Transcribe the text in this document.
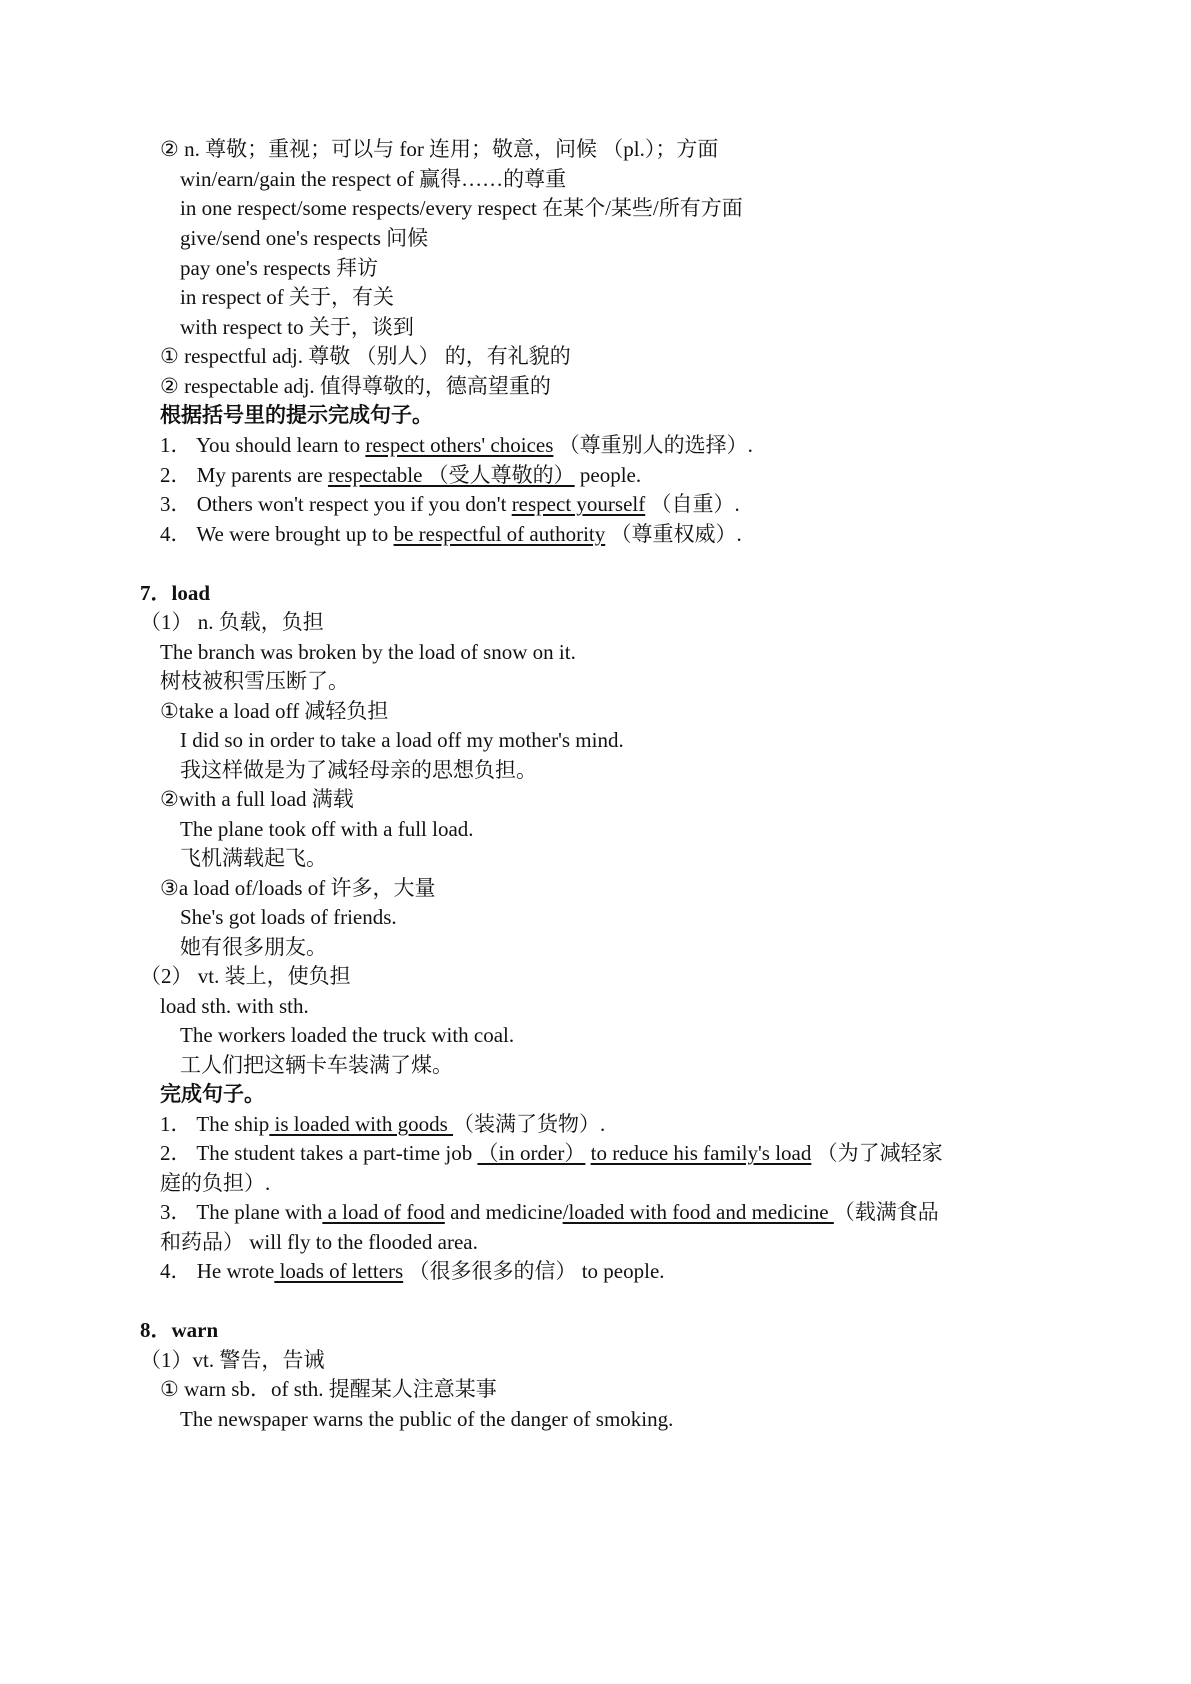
② n. 尊敬；重视；可以与 for 连用；敬意，问候 （pl.）；方面
win/earn/gain the respect of 赢得……的尊重
in one respect/some respects/every respect 在某个/某些/所有方面
give/send one's respects 问候
pay one's respects 拜访
in respect of 关于，有关
with respect to 关于，谈到
① respectful adj. 尊敬 （别人） 的，有礼貌的
② respectable adj. 值得尊敬的，德高望重的
根据括号里的提示完成句子。
1． You should learn to respect others' choices （尊重别人的选择）.
2． My parents are respectable （受人尊敬的） people.
3． Others won't respect you if you don't respect yourself （自重）.
4． We were brought up to be respectful of authority （尊重权威）.
7．load
（1） n. 负载，负担
The branch was broken by the load of snow on it.
树枝被积雪压断了。
①take a load off 减轻负担
I did so in order to take a load off my mother's mind.
我这样做是为了减轻母亲的思想负担。
②with a full load 满载
The plane took off with a full load.
飞机满载起飞。
③a load of/loads of 许多，大量
She's got loads of friends.
她有很多朋友。
（2） vt. 装上，使负担
load sth. with sth.
The workers loaded the truck with coal.
工人们把这辆卡车装满了煤。
完成句子。
1． The ship is loaded with goods （装满了货物）.
2． The student takes a part-time job （in order） to reduce his family's load （为了减轻家
庭的负担）.
3． The plane with a load of food and medicine/loaded with food and medicine （载满食品
和药品） will fly to the flooded area.
4． He wrote loads of letters （很多很多的信） to people.
8．warn
（1）vt. 警告，告诫
① warn sb．of sth. 提醒某人注意某事
The newspaper warns the public of the danger of smoking.
